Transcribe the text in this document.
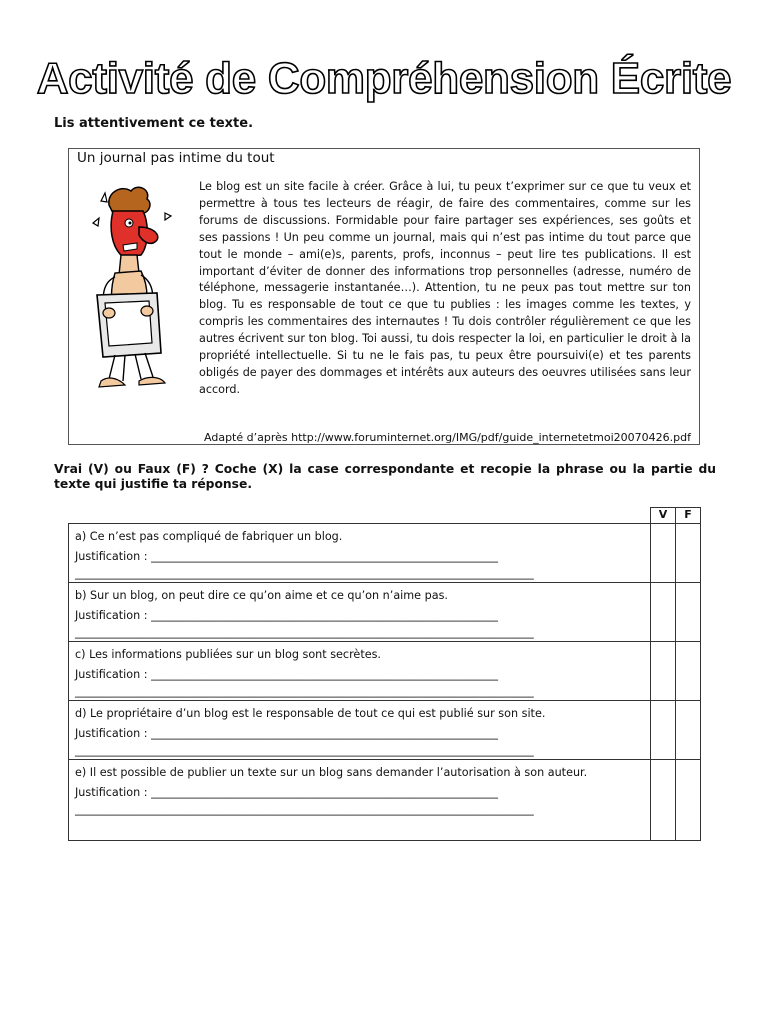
Activité de Compréhension Écrite
Lis attentivement ce texte.
Un journal pas intime du tout
Le blog est un site facile à créer. Grâce à lui, tu peux t’exprimer sur ce que tu veux et permettre à tous tes lecteurs de réagir, de faire des commentaires, comme sur les forums de discussions. Formidable pour faire partager ses expériences, ses goûts et ses passions ! Un peu comme un journal, mais qui n’est pas intime du tout parce que tout le monde – ami(e)s, parents, profs, inconnus – peut lire tes publications. Il est important d’éviter de donner des informations trop personnelles (adresse, numéro de téléphone, messagerie instantanée…). Attention, tu ne peux pas tout mettre sur ton blog. Tu es responsable de tout ce que tu publies : les images comme les textes, y compris les commentaires des internautes ! Tu dois contrôler régulièrement ce que les autres écrivent sur ton blog. Toi aussi, tu dois respecter la loi, en particulier le droit à la propriété intellectuelle. Si tu ne le fais pas, tu peux être poursuivi(e) et tes parents obligés de payer des dommages et intérêts aux auteurs des oeuvres utilisées sans leur accord.
Adapté d’après http://www.foruminternet.org/IMG/pdf/guide_internetetmoi20070426.pdf
Vrai (V) ou Faux (F) ? Coche (X) la case correspondante et recopie la phrase ou la partie du texte qui justifie ta réponse.
	V	F

a) Ce n’est pas compliqué de fabriquer un blog.
Justification : ______________________________________________________________
__________________________________________________________________________________		

b) Sur un blog, on peut dire ce qu’on aime et ce qu’on n’aime pas.
Justification : ______________________________________________________________
__________________________________________________________________________________		

c) Les informations publiées sur un blog sont secrètes.
Justification : ______________________________________________________________
__________________________________________________________________________________		

d) Le propriétaire d’un blog est le responsable de tout ce qui est publié sur son site.
Justification : ______________________________________________________________
__________________________________________________________________________________		

e) Il est possible de publier un texte sur un blog sans demander l’autorisation à son auteur.
Justification : ______________________________________________________________
__________________________________________________________________________________		
